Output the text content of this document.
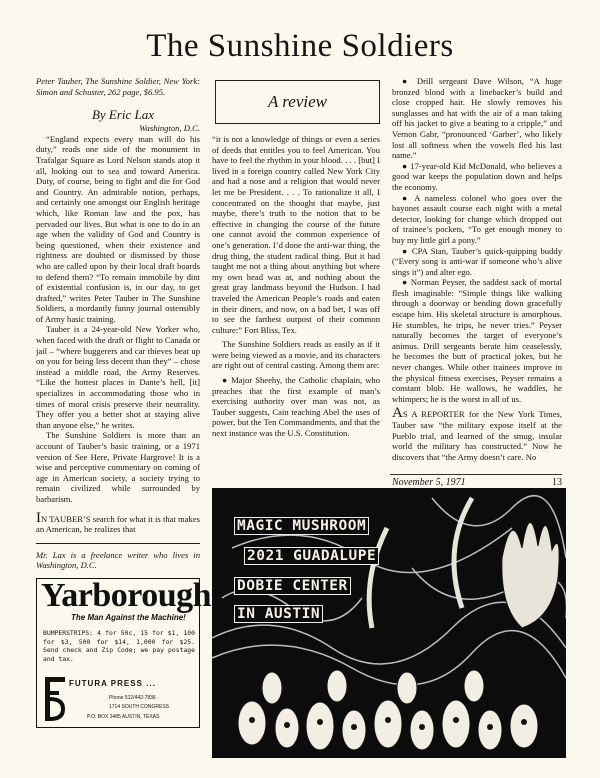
The Sunshine Soldiers

Peter Tauber, The Sunshine Soldier, New York: Simon and Schuster, 262 page, $6.95.

By Eric Lax

Washington, D.C.

“England expects every man will do his duty,” reads one side of the monument in Trafalgar Square as Lord Nelson stands atop it all, looking out to sea and toward America. Duty, of course, being to fight and die for God and Country. An admirable notion, perhaps, and certainly one amongst our English heritage which, like Roman law and the pox, has pervaded our lives. But what is one to do in an age when the validity of God and Country is being questioned, when their existence and rightness are doubted or dismissed by those who are called upon by their local draft boards to defend them? “To remain immobile by dint of existential confusion is, in our day, to get drafted,” writes Peter Tauber in The Sunshine Soldiers, a mordantly funny journal ostensibly of Army basic training.

Tauber is a 24-year-old New Yorker who, when faced with the draft or flight to Canada or jail – “where buggerers and car thieves beat up on you for being less decent than they” – chose instead a middle road, the Army Reserves. “Like the hottest places in Dante’s hell, [it] specializes in accommodating those who in times of moral crisis preserve their neutrality. They offer you a better shot at staying alive than anyone else,” he writes.

The Sunshine Soldiers is more than an account of Tauber’s basic training, or a 1971 version of See Here, Private Hargrove! It is a wise and perceptive commentary on coming of age in American society, a society trying to remain civilized while surrounded by barbarism.

IN TAUBER’S search for what it is that makes an American, he realizes that

Mr. Lax is a freelance writer who lives in Washington, D.C.

A review

“it is not a knowledge of things or even a series of deeds that entitles you to feel American. You have to feel the rhythm in your blood. . . . [but] I lived in a foreign country called New York City and had a nose and a religion that would never let me be President. . . . To rationalize it all, I concentrated on the thought that maybe, just maybe, there’s truth to the notion that to be effective in changing the course of the future one cannot avoid the common experience of one’s generation. I’d done the anti-war thing, the drug thing, the student radical thing. But it had taught me not a thing about anything but where my own head was at, and nothing about the great gray landmass beyond the Hudson. I had traveled the American People’s roads and eaten in their diners, and now, on a bad bet, I was off to see the farthest outpost of their common culture:” Fort Bliss, Tex.

The Sunshine Soldiers reads as easily as if it were being viewed as a movie, and its characters are right out of central casting. Among them are:

● Major Sheehy, the Catholic chaplain, who preaches that the first example of man’s exercising authority over man was not, as Tauber suggests, Cain teaching Abel the uses of power, but the Ten Commandments, and that the next instance was the U.S. Constitution.

● Drill sergeant Dave Wilson, “A huge bronzed blond with a linebacker’s build and close cropped hair. He slowly removes his sunglasses and hat with the air of a man taking off his jacket to give a beating to a cripple,” and Vernon Gabr, “pronounced ‘Garber’, who likely lost all softness when the vowels fled his last name.”

● 17-year-old Kid McDonald, who believes a good war keeps the population down and helps the economy.

● A nameless colonel who goes over the bayonet assault course each night with a metal detector, looking for change which dropped out of trainee’s pockets, “To get enough money to buy my little girl a pony.”

● CPA Stan, Tauber’s quick-quipping buddy (“Every song is anti-war if someone who’s alive sings it”) and alter ego.

● Norman Peyser, the saddest sack of mortal flesh imaginable: “Simple things like walking through a doorway or bending down gracefully escape him. His skeletal structure is amorphous. He stumbles, he trips, he never tries.” Peyser naturally becomes the target of everyone’s animus. Drill sergeants berate him ceaselessly, he becomes the butt of practical jokes, but he never changes. While other trainees improve in the physical fitness exercises, Peyser remains a constant blob. He wallows, he waddles, he whimpers; he is the worst in all of us.

AS A REPORTER for the New York Times, Tauber saw “the military expose itself at the Pueblo trial, and learned of the smug, insular world the military has constructed.” Now he discovers that “the Army doesn’t care. No

November 5, 1971	13
Yarborough
The Man Against the Machine!
BUMPERSTRIPS: 4 for 50c, 15 for $1, 100 for $3, 500 for $14, 1,000 for $25. Send check and Zip Code; we pay postage and tax.
FUTURA PRESS ...
Phone 512/442-7836
1714 SOUTH CONGRESS
P.O. BOX 3485 AUSTIN, TEXAS
MAGIC MUSHROOM
2021 GUADALUPE
DOBIE CENTER
IN AUSTIN
